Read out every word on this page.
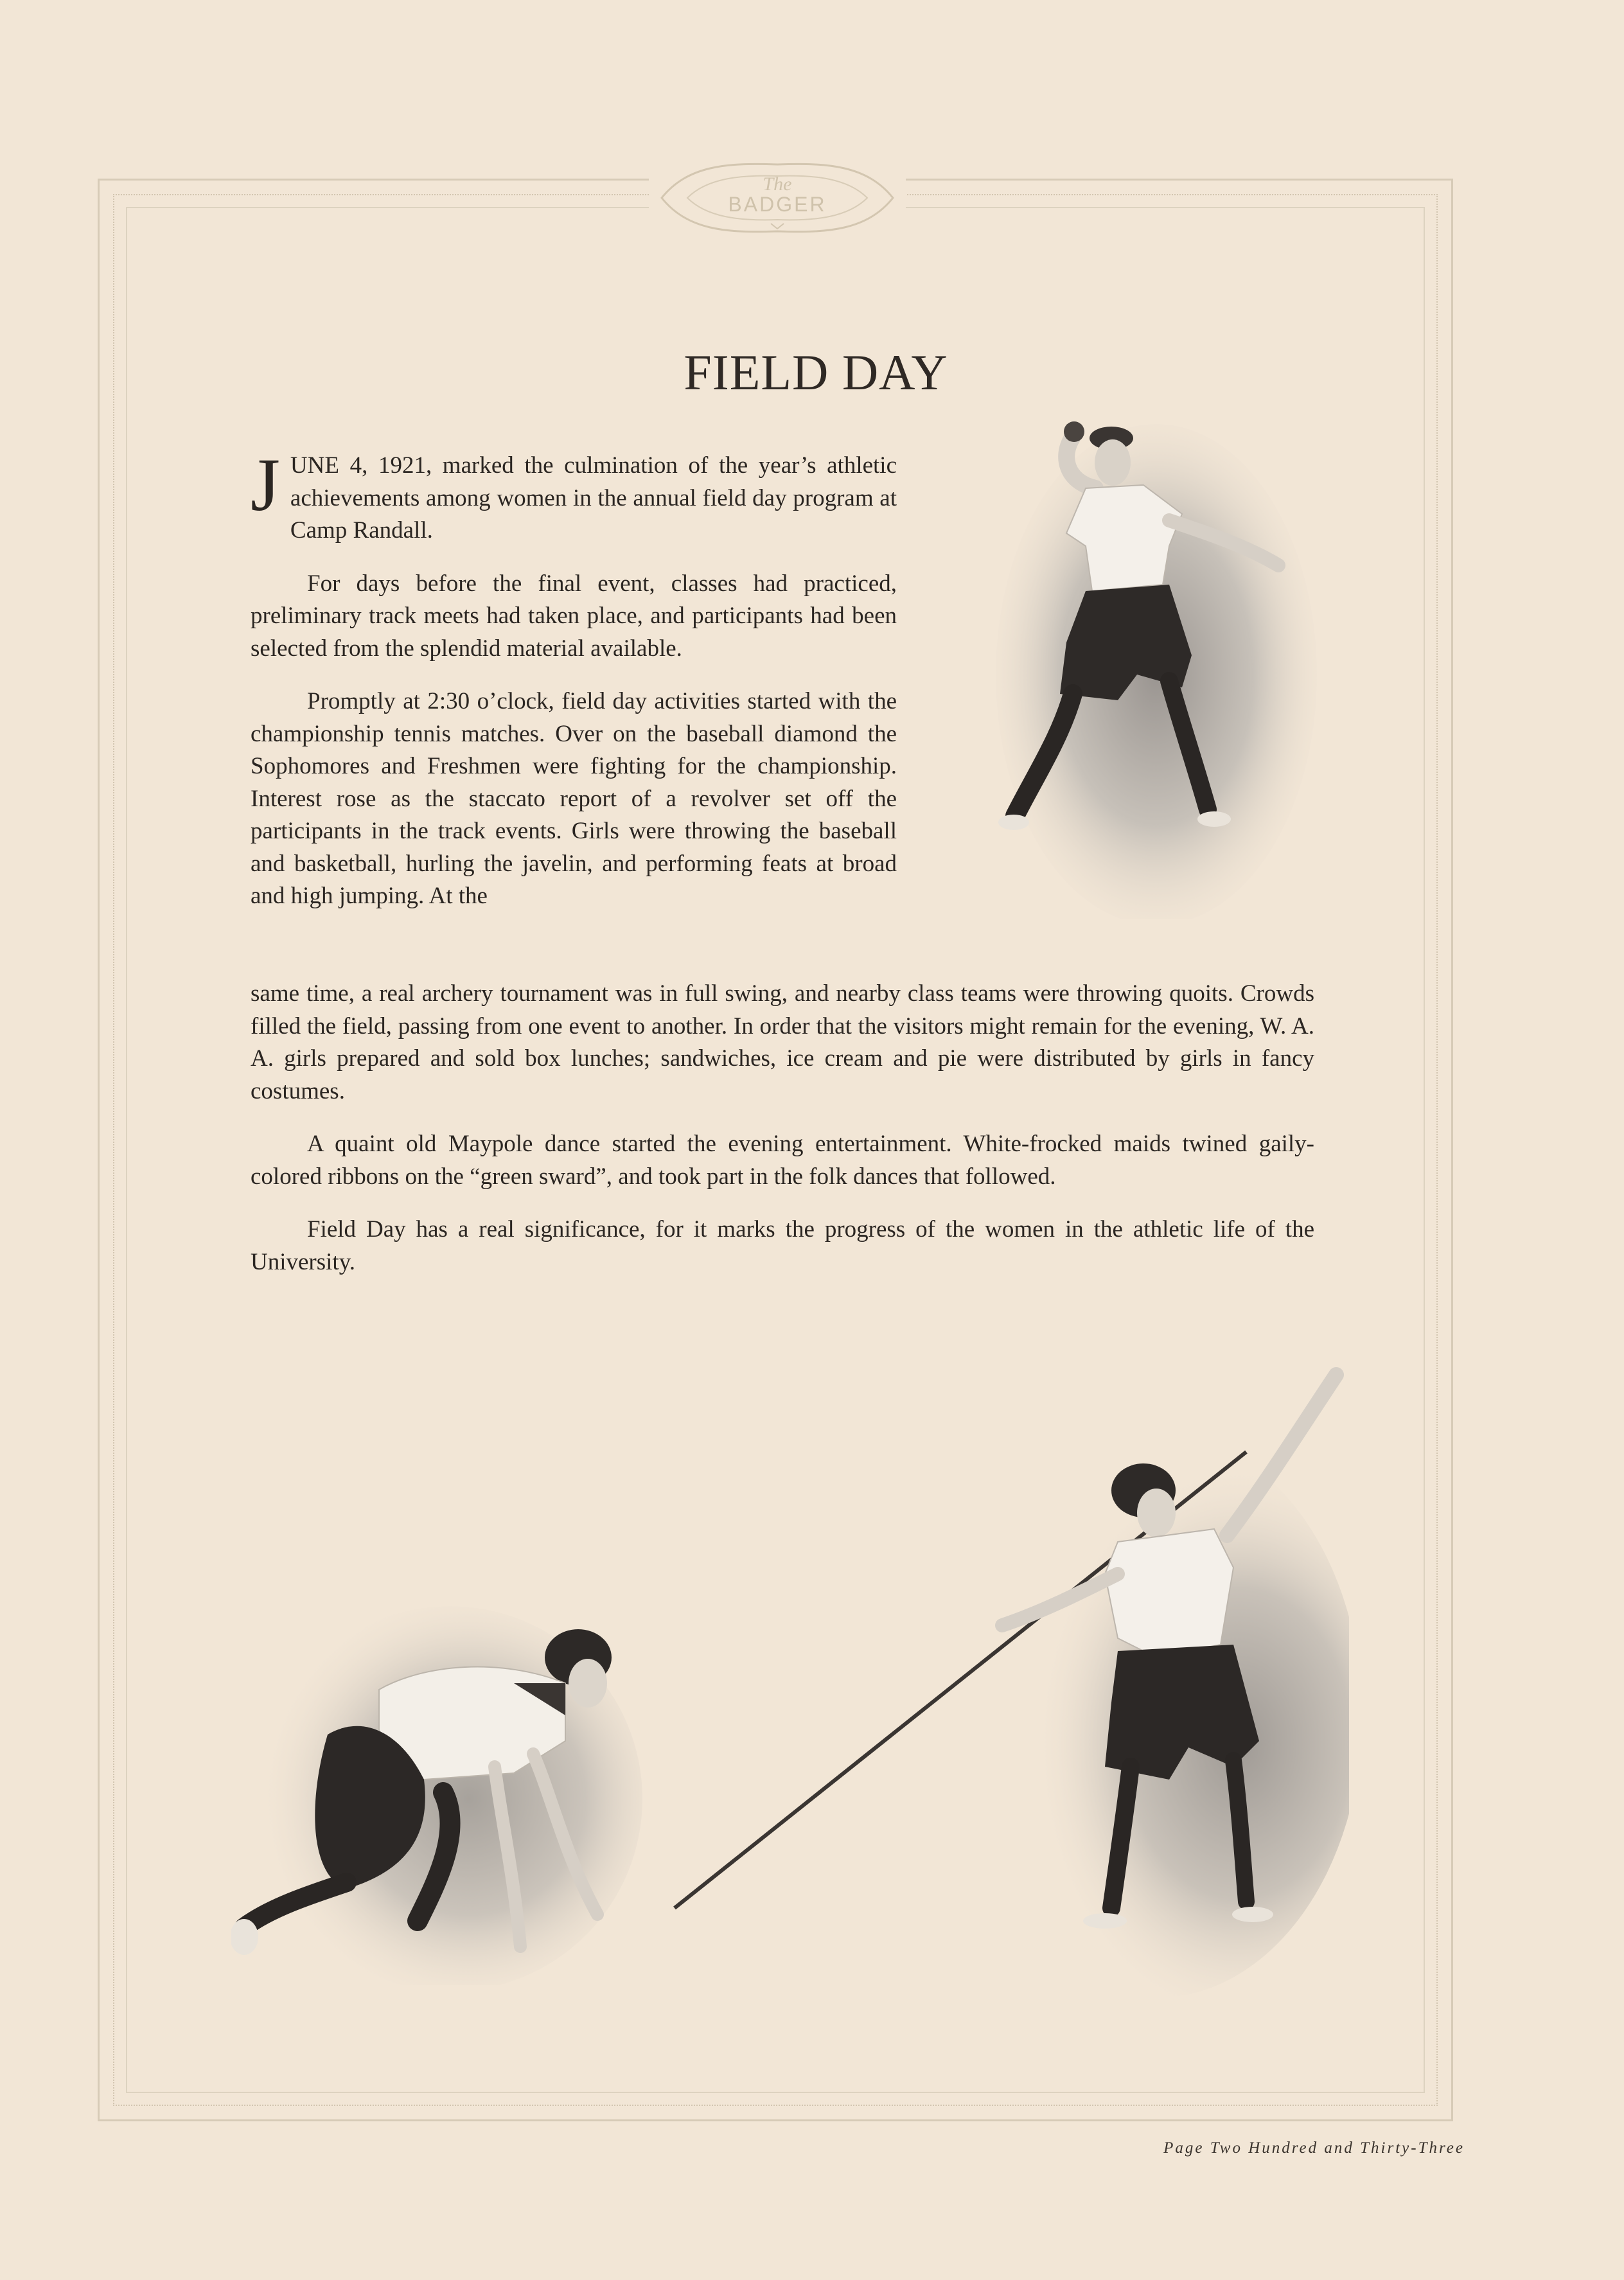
The
BADGER
FIELD DAY

J UNE 4, 1921, marked the culmination of the year’s athletic achievements among women in the annual field day program at Camp Randall.

For days before the final event, classes had practiced, preliminary track meets had taken place, and participants had been selected from the splendid material available.

Promptly at 2:30 o’clock, field day activities started with the championship tennis matches. Over on the baseball diamond the Sophomores and Freshmen were fighting for the championship. Interest rose as the staccato report of a revolver set off the participants in the track events. Girls were throwing the baseball and basketball, hurling the javelin, and performing feats at broad and high jumping. At the

same time, a real archery tournament was in full swing, and nearby class teams were throwing quoits. Crowds filled the field, passing from one event to another. In order that the visitors might remain for the evening, W. A. A. girls prepared and sold box lunches; sandwiches, ice cream and pie were distributed by girls in fancy costumes.

A quaint old Maypole dance started the evening entertainment. White-frocked maids twined gaily-colored ribbons on the “green sward”, and took part in the folk dances that followed.

Field Day has a real significance, for it marks the progress of the women in the athletic life of the University.

Page Two Hundred and Thirty-Three
